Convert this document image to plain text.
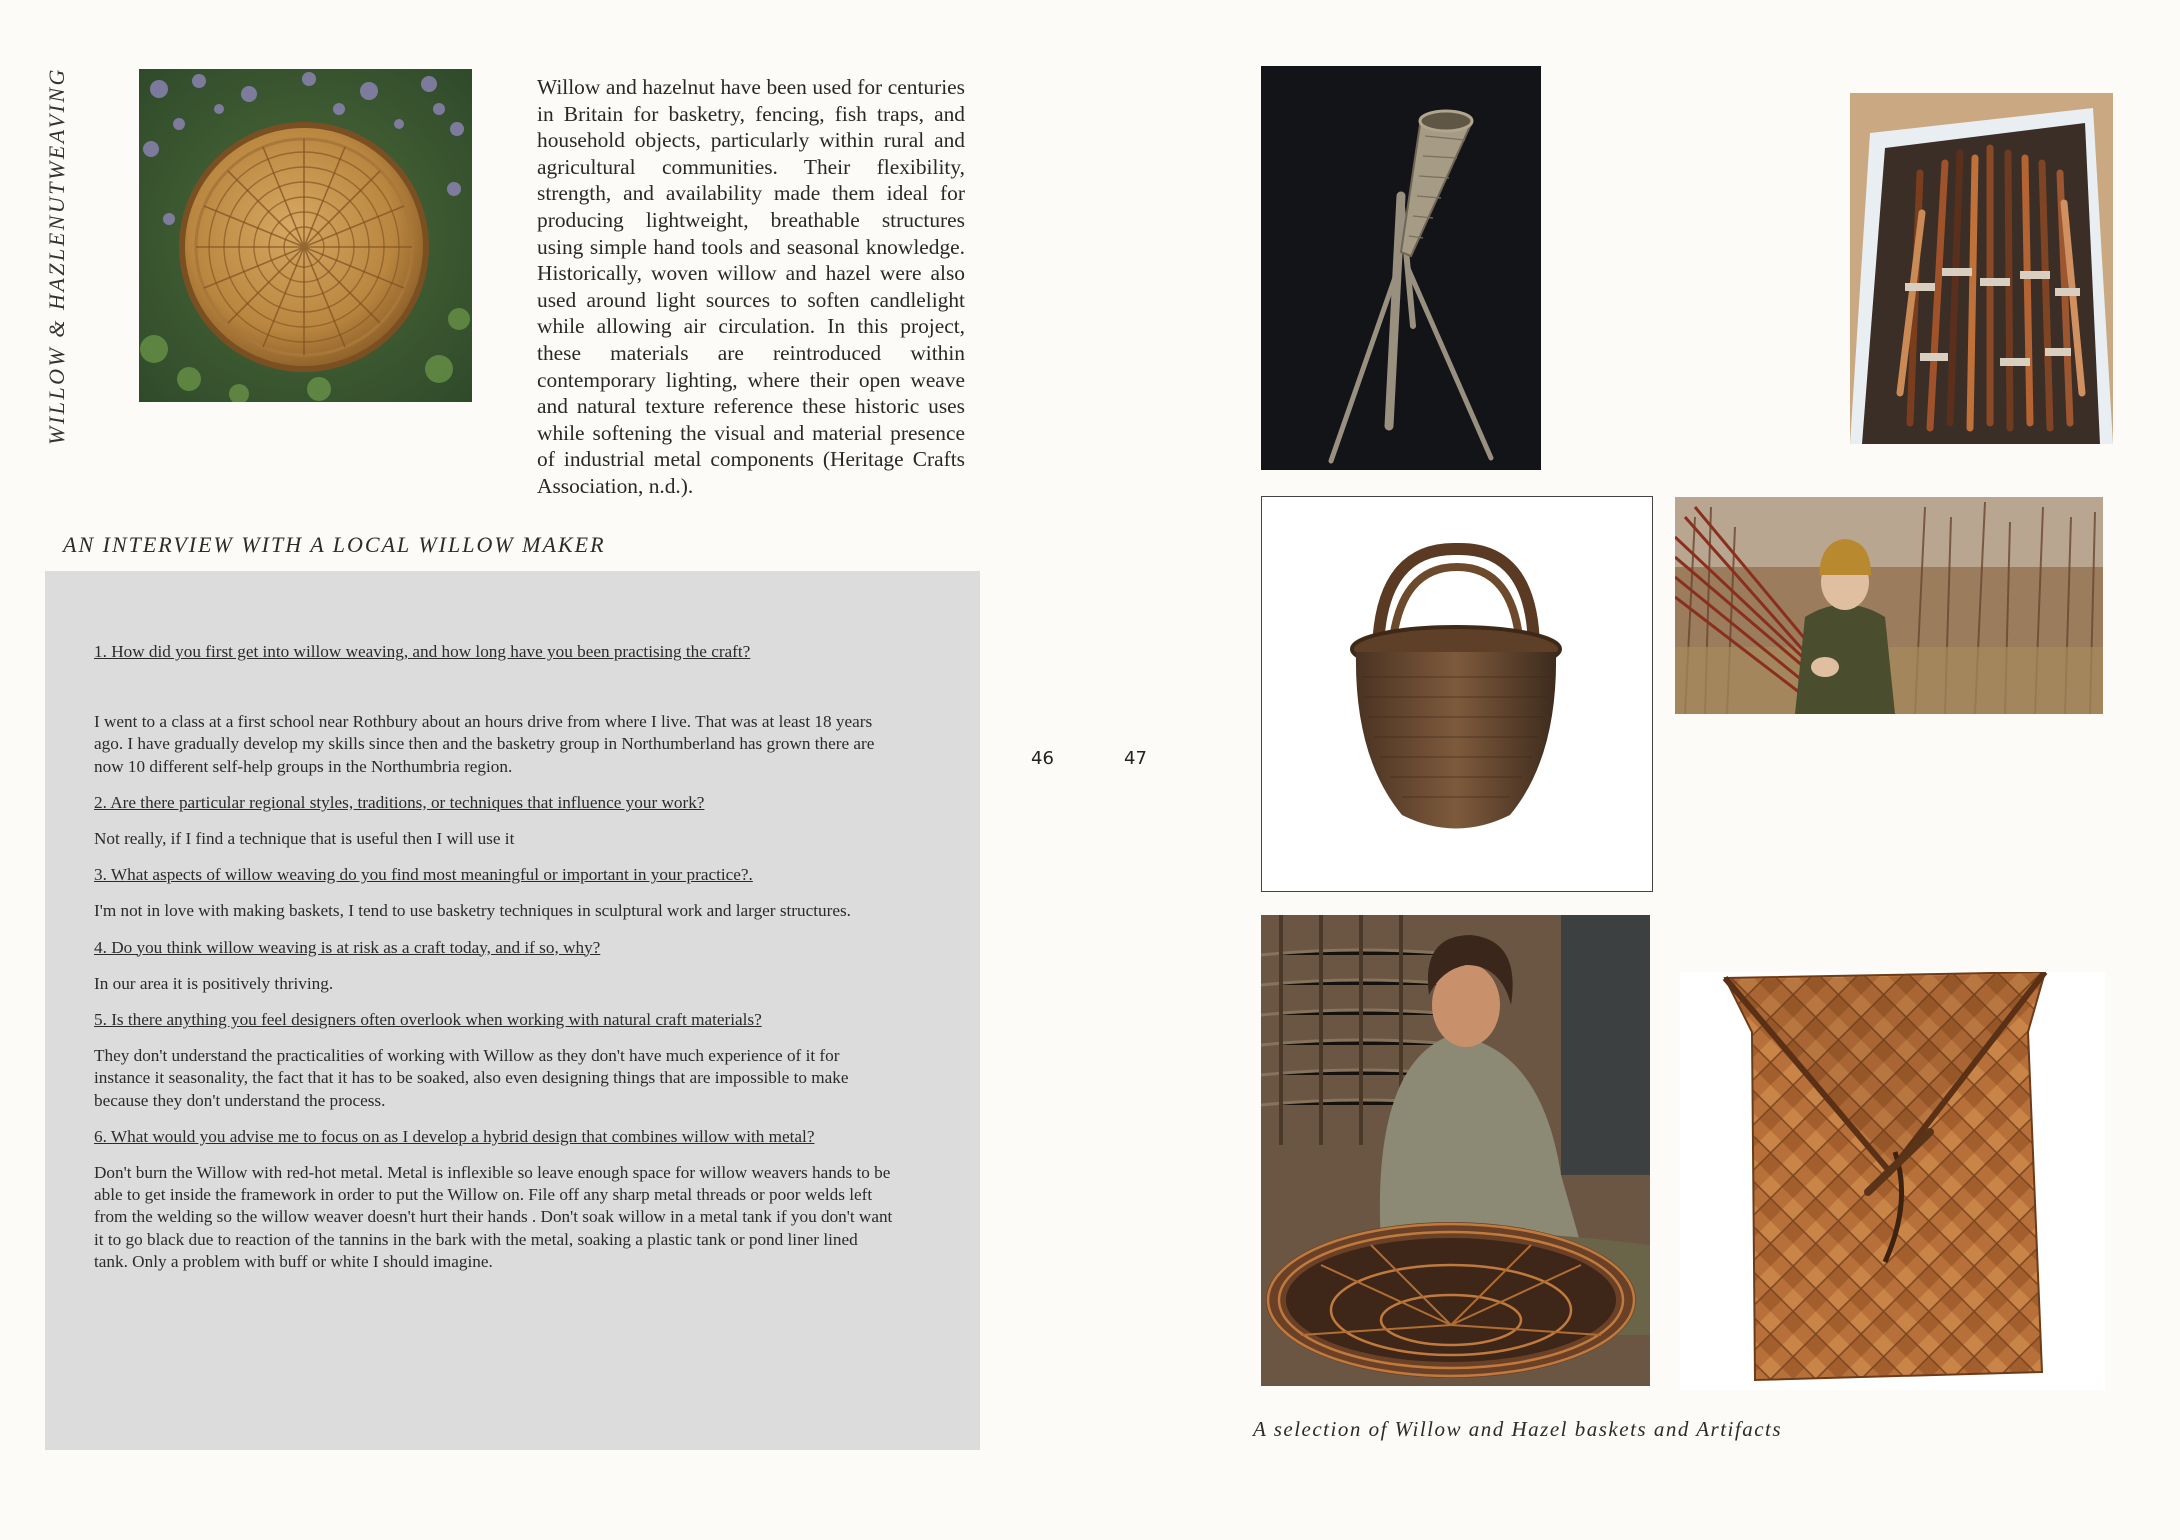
WILLOW & HAZLENUTWEAVING	Willow and hazelnut have been used for centuries in Britain for basketry, fencing, fish traps, and household objects, particularly within rural and agricultural communities. Their flexibility, strength, and availability made them ideal for producing lightweight, breathable structures using simple hand tools and seasonal knowledge. Historically, woven willow and hazel were also used around light sources to soften candlelight while allowing air circulation. In this project, these materials are reintroduced within contemporary lighting, where their open weave and natural texture reference these historic uses while softening the visual and material presence of industrial metal components (Heritage Crafts Association, n.d.).
AN INTERVIEW WITH A LOCAL WILLOW MAKER

1. How did you first get into willow weaving, and how long have you been practising the craft?

I went to a class at a first school near Rothbury about an hours drive from where I live. That was at least 18 years ago. I have gradually develop my skills since then and the basketry group in Northumberland has grown there are now 10 different self-help groups in the Northumbria region.

2. Are there particular regional styles, traditions, or techniques that influence your work?

Not really, if I find a technique that is useful then I will use it

3. What aspects of willow weaving do you find most meaningful or important in your practice?.

I'm not in love with making baskets, I tend to use basketry techniques in sculptural work and larger structures.

4. Do you think willow weaving is at risk as a craft today, and if so, why?

In our area it is positively thriving.

5. Is there anything you feel designers often overlook when working with natural craft materials?

They don't understand the practicalities of working with Willow as they don't have much experience of it for instance it seasonality, the fact that it has to be soaked, also even designing things that are impossible to make because they don't understand the process.

6. What would you advise me to focus on as I develop a hybrid design that combines willow with metal?

Don't burn the Willow with red-hot metal. Metal is inflexible so leave enough space for willow weavers hands to be able to get inside the framework in order to put the Willow on. File off any sharp metal threads or poor welds left from the welding so the willow weaver doesn't hurt their hands . Don't soak willow in a metal tank if you don't want it to go black due to reaction of the tannins in the bark with the metal, soaking a plastic tank or pond liner lined tank. Only a problem with buff or white I should imagine.

46	47
A selection of Willow and Hazel baskets and Artifacts
